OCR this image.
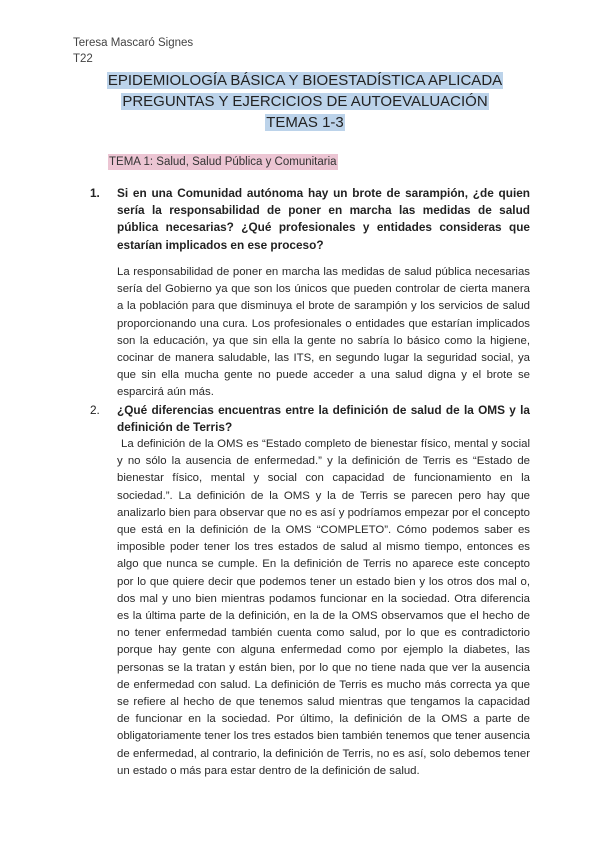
Teresa Mascaró Signes
T22
EPIDEMIOLOGÍA BÁSICA Y BIOESTADÍSTICA APLICADA
PREGUNTAS Y EJERCICIOS DE AUTOEVALUACIÓN
TEMAS 1-3
TEMA 1: Salud, Salud Pública y Comunitaria
1. Si en una Comunidad autónoma hay un brote de sarampión, ¿de quien sería la responsabilidad de poner en marcha las medidas de salud pública necesarias? ¿Qué profesionales y entidades consideras que estarían implicados en ese proceso?
La responsabilidad de poner en marcha las medidas de salud pública necesarias sería del Gobierno ya que son los únicos que pueden controlar de cierta manera a la población para que disminuya el brote de sarampión y los servicios de salud proporcionando una cura. Los profesionales o entidades que estarían implicados son la educación, ya que sin ella la gente no sabría lo básico como la higiene, cocinar de manera saludable, las ITS, en segundo lugar la seguridad social, ya que sin ella mucha gente no puede acceder a una salud digna y el brote se esparcirá aún más.
2. ¿Qué diferencias encuentras entre la definición de salud de la OMS y la definición de Terris?
La definición de la OMS es “Estado completo de bienestar físico, mental y social y no sólo la ausencia de enfermedad.” y la definición de Terris es “Estado de bienestar físico, mental y social con capacidad de funcionamiento en la sociedad.”. La definición de la OMS y la de Terris se parecen pero hay que analizarlo bien para observar que no es así y podríamos empezar por el concepto que está en la definición de la OMS “COMPLETO”. Cómo podemos saber es imposible poder tener los tres estados de salud al mismo tiempo, entonces es algo que nunca se cumple. En la definición de Terris no aparece este concepto por lo que quiere decir que podemos tener un estado bien y los otros dos mal o, dos mal y uno bien mientras podamos funcionar en la sociedad. Otra diferencia es la última parte de la definición, en la de la OMS observamos que el hecho de no tener enfermedad también cuenta como salud, por lo que es contradictorio porque hay gente con alguna enfermedad como por ejemplo la diabetes, las personas se la tratan y están bien, por lo que no tiene nada que ver la ausencia de enfermedad con salud. La definición de Terris es mucho más correcta ya que se refiere al hecho de que tenemos salud mientras que tengamos la capacidad de funcionar en la sociedad. Por último, la definición de la OMS a parte de obligatoriamente tener los tres estados bien también tenemos que tener ausencia de enfermedad, al contrario, la definición de Terris, no es así, solo debemos tener un estado o más para estar dentro de la definición de salud.
